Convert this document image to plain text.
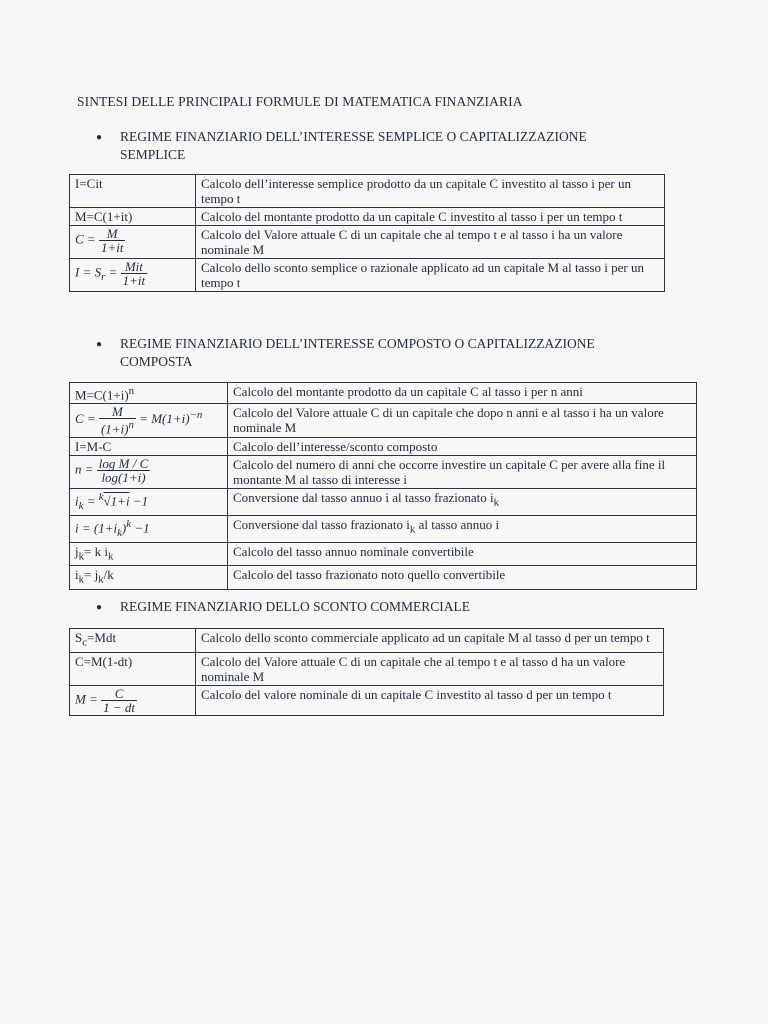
SINTESI DELLE PRINCIPALI FORMULE DI MATEMATICA FINANZIARIA
● REGIME FINANZIARIO DELL’INTERESSE SEMPLICE O CAPITALIZZAZIONE
SEMPLICE
I=Cit	Calcolo dell’interesse semplice prodotto da un capitale C investito al tasso i per un tempo t
M=C(1+it)	Calcolo del montante prodotto da un capitale C investito al tasso i per un tempo t
$C = \frac{M}{1+it}$	Calcolo del Valore attuale C di un capitale che al tempo t e al tasso i ha un valore nominale M
$I = S_r = \frac{\text{Mit}}{1+it}$	Calcolo dello sconto semplice o razionale applicato ad un capitale M al tasso i per un tempo t
● REGIME FINANZIARIO DELL’INTERESSE COMPOSTO O CAPITALIZZAZIONE
COMPOSTA
$M=C(1+i)^n$	Calcolo del montante prodotto da un capitale C al tasso i per n anni
$C = \frac{M}{(1+i)^n} = M(1+i)^{-n}$	Calcolo del Valore attuale C di un capitale che dopo n anni e al tasso i ha un valore nominale M
I=M-C	Calcolo dell’interesse/sconto composto
$n = \frac{\text{log M / C}}{\log(1+i)}$	Calcolo del numero di anni che occorre investire un capitale C per avere alla fine il montante M al tasso di interesse i
$i_k = ^k√1+i -1$	Conversione dal tasso annuo i al tasso frazionato $i_k$
$i = (1+i_k)^k -1$	Conversione dal tasso frazionato $i_k$ al tasso annuo i
$j_k= k$ $i_k$	Calcolo del tasso annuo nominale convertibile
$i_k= j_k/k$	Calcolo del tasso frazionato noto quello convertibile
● REGIME FINANZIARIO DELLO SCONTO COMMERCIALE
$S_c=Mdt$	Calcolo dello sconto commerciale applicato ad un capitale M al tasso d per un tempo t
C=M(1-dt)	Calcolo del Valore attuale C di un capitale che al tempo t e al tasso d ha un valore nominale M
$M = \frac{C}{1 - dt}$	Calcolo del valore nominale di un capitale C investito al tasso d per un tempo t
